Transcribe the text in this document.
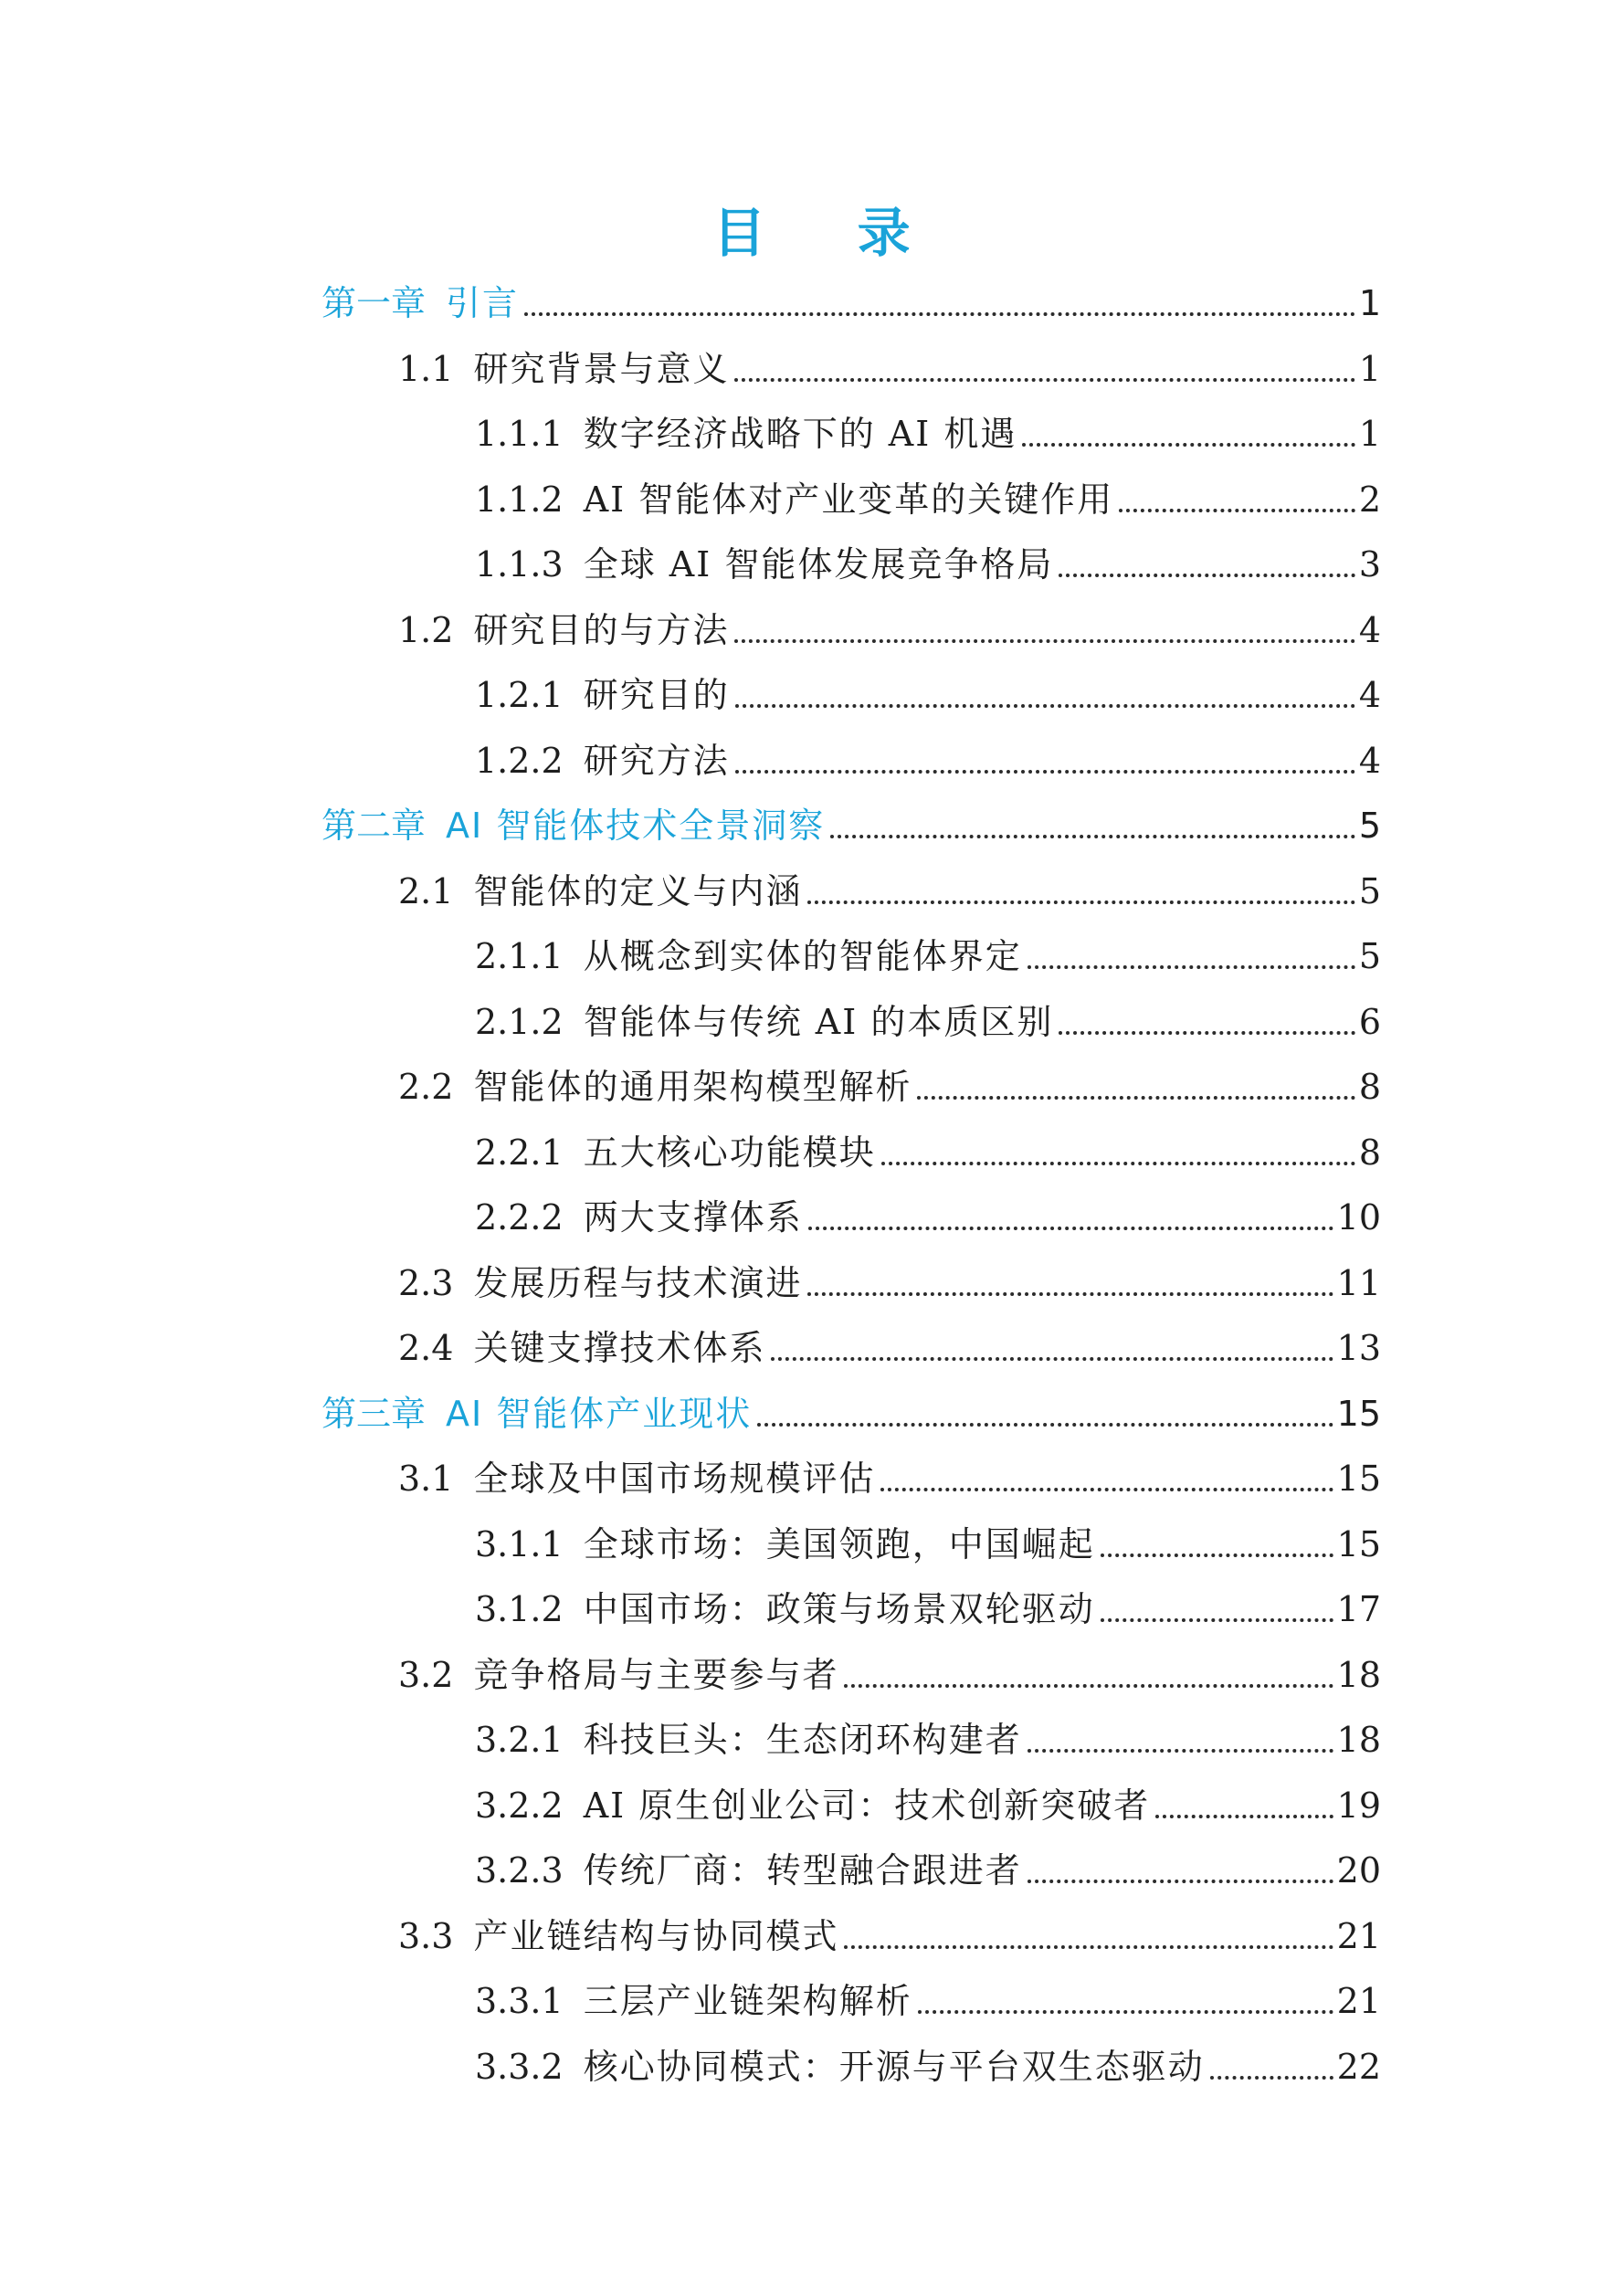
目 录
第一章 引言	1
1.1 研究背景与意义	1
1.1.1 数字经济战略下的 AI 机遇	1
1.1.2 AI 智能体对产业变革的关键作用	2
1.1.3 全球 AI 智能体发展竞争格局	3
1.2 研究目的与方法	4
1.2.1 研究目的	4
1.2.2 研究方法	4
第二章 AI 智能体技术全景洞察	5
2.1 智能体的定义与内涵	5
2.1.1 从概念到实体的智能体界定	5
2.1.2 智能体与传统 AI 的本质区别	6
2.2 智能体的通用架构模型解析	8
2.2.1 五大核心功能模块	8
2.2.2 两大支撑体系	10
2.3 发展历程与技术演进	11
2.4 关键支撑技术体系	13
第三章 AI 智能体产业现状	15
3.1 全球及中国市场规模评估	15
3.1.1 全球市场：美国领跑，中国崛起	15
3.1.2 中国市场：政策与场景双轮驱动	17
3.2 竞争格局与主要参与者	18
3.2.1 科技巨头：生态闭环构建者	18
3.2.2 AI 原生创业公司：技术创新突破者	19
3.2.3 传统厂商：转型融合跟进者	20
3.3 产业链结构与协同模式	21
3.3.1 三层产业链架构解析	21
3.3.2 核心协同模式：开源与平台双生态驱动	22
